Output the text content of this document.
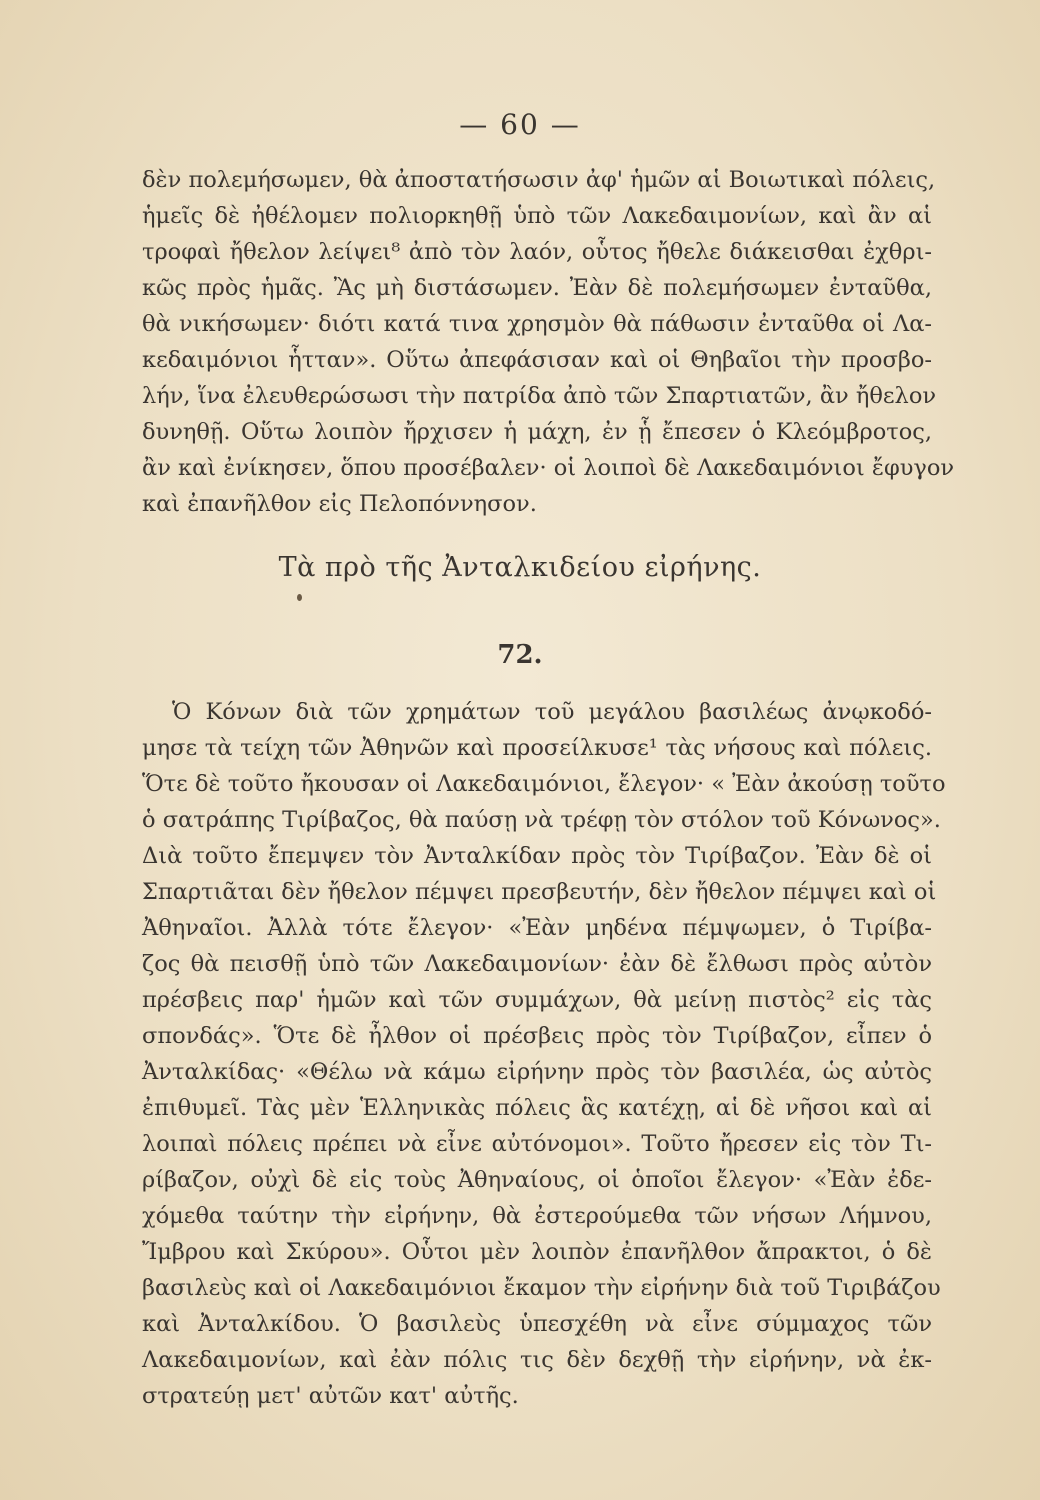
— 60 —
δὲν πολεμήσωμεν, θὰ ἀποστατήσωσιν ἀφ' ἡμῶν αἱ Βοιωτικαὶ πόλεις,
ἡμεῖς δὲ ἠθέλομεν πολιορκηθῇ ὑπὸ τῶν Λακεδαιμονίων, καὶ ἂν αἱ
τροφαὶ ἤθελον λείψει⁸ ἀπὸ τὸν λαόν, οὗτος ἤθελε διάκεισθαι ἐχθρι-
κῶς πρὸς ἡμᾶς. Ἂς μὴ διστάσωμεν. Ἐὰν δὲ πολεμήσωμεν ἐνταῦθα,
θὰ νικήσωμεν· διότι κατά τινα χρησμὸν θὰ πάθωσιν ἐνταῦθα οἱ Λα-
κεδαιμόνιοι ἧτταν». Οὕτω ἀπεφάσισαν καὶ οἱ Θηβαῖοι τὴν προσβο-
λήν, ἵνα ἐλευθερώσωσι τὴν πατρίδα ἀπὸ τῶν Σπαρτιατῶν, ἂν ἤθελον
δυνηθῇ. Οὕτω λοιπὸν ἤρχισεν ἡ μάχη, ἐν ᾗ ἔπεσεν ὁ Κλεόμβροτος,
ἂν καὶ ἐνίκησεν, ὅπου προσέβαλεν· οἱ λοιποὶ δὲ Λακεδαιμόνιοι ἔφυγον
καὶ ἐπανῆλθον εἰς Πελοπόννησον.
Τὰ πρὸ τῆς Ἀνταλκιδείου εἰρήνης.
72.
Ὁ Κόνων διὰ τῶν χρημάτων τοῦ μεγάλου βασιλέως ἀνῳκοδό-
μησε τὰ τείχη τῶν Ἀθηνῶν καὶ προσείλκυσε¹ τὰς νήσους καὶ πόλεις.
Ὅτε δὲ τοῦτο ἤκουσαν οἱ Λακεδαιμόνιοι, ἔλεγον· « Ἐὰν ἀκούσῃ τοῦτο
ὁ σατράπης Τιρίβαζος, θὰ παύσῃ νὰ τρέφῃ τὸν στόλον τοῦ Κόνωνος».
Διὰ τοῦτο ἔπεμψεν τὸν Ἀνταλκίδαν πρὸς τὸν Τιρίβαζον. Ἐὰν δὲ οἱ
Σπαρτιᾶται δὲν ἤθελον πέμψει πρεσβευτήν, δὲν ἤθελον πέμψει καὶ οἱ
Ἀθηναῖοι. Ἀλλὰ τότε ἔλεγον· «Ἐὰν μηδένα πέμψωμεν, ὁ Τιρίβα-
ζος θὰ πεισθῇ ὑπὸ τῶν Λακεδαιμονίων· ἐὰν δὲ ἔλθωσι πρὸς αὐτὸν
πρέσβεις παρ' ἡμῶν καὶ τῶν συμμάχων, θὰ μείνῃ πιστὸς² εἰς τὰς
σπονδάς». Ὅτε δὲ ἦλθον οἱ πρέσβεις πρὸς τὸν Τιρίβαζον, εἶπεν ὁ
Ἀνταλκίδας· «Θέλω νὰ κάμω εἰρήνην πρὸς τὸν βασιλέα, ὡς αὐτὸς
ἐπιθυμεῖ. Τὰς μὲν Ἑλληνικὰς πόλεις ἃς κατέχῃ, αἱ δὲ νῆσοι καὶ αἱ
λοιπαὶ πόλεις πρέπει νὰ εἶνε αὐτόνομοι». Τοῦτο ἤρεσεν εἰς τὸν Τι-
ρίβαζον, οὐχὶ δὲ εἰς τοὺς Ἀθηναίους, οἱ ὁποῖοι ἔλεγον· «Ἐὰν ἐδε-
χόμεθα ταύτην τὴν εἰρήνην, θὰ ἐστερούμεθα τῶν νήσων Λήμνου,
Ἴμβρου καὶ Σκύρου». Οὗτοι μὲν λοιπὸν ἐπανῆλθον ἄπρακτοι, ὁ δὲ
βασιλεὺς καὶ οἱ Λακεδαιμόνιοι ἔκαμον τὴν εἰρήνην διὰ τοῦ Τιριβάζου
καὶ Ἀνταλκίδου. Ὁ βασιλεὺς ὑπεσχέθη νὰ εἶνε σύμμαχος τῶν
Λακεδαιμονίων, καὶ ἐὰν πόλις τις δὲν δεχθῇ τὴν εἰρήνην, νὰ ἐκ-
στρατεύῃ μετ' αὐτῶν κατ' αὐτῆς.
